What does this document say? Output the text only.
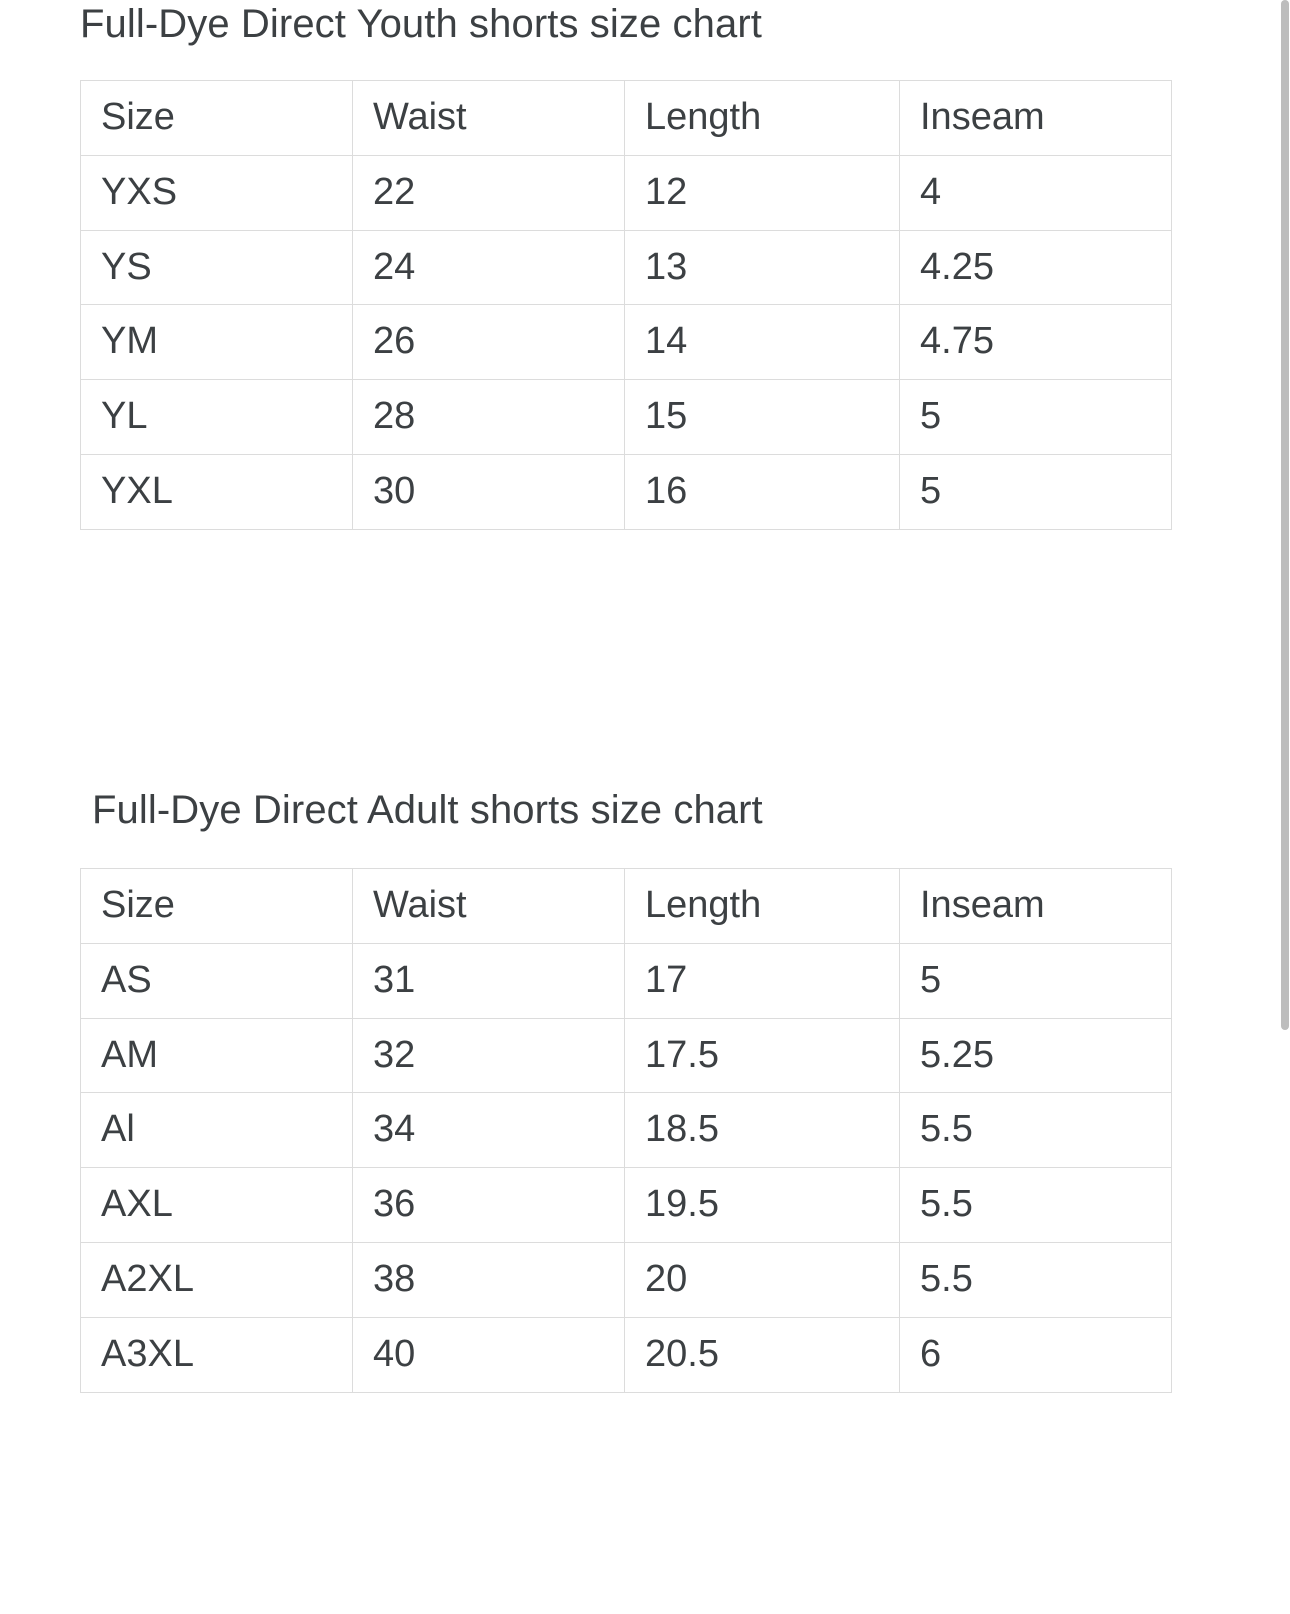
Full-Dye Direct Youth shorts size chart
Size	Waist	Length	Inseam
YXS	22	12	4
YS	24	13	4.25
YM	26	14	4.75
YL	28	15	5
YXL	30	16	5
Full-Dye Direct Adult shorts size chart
Size	Waist	Length	Inseam
AS	31	17	5
AM	32	17.5	5.25
Al	34	18.5	5.5
AXL	36	19.5	5.5
A2XL	38	20	5.5
A3XL	40	20.5	6
